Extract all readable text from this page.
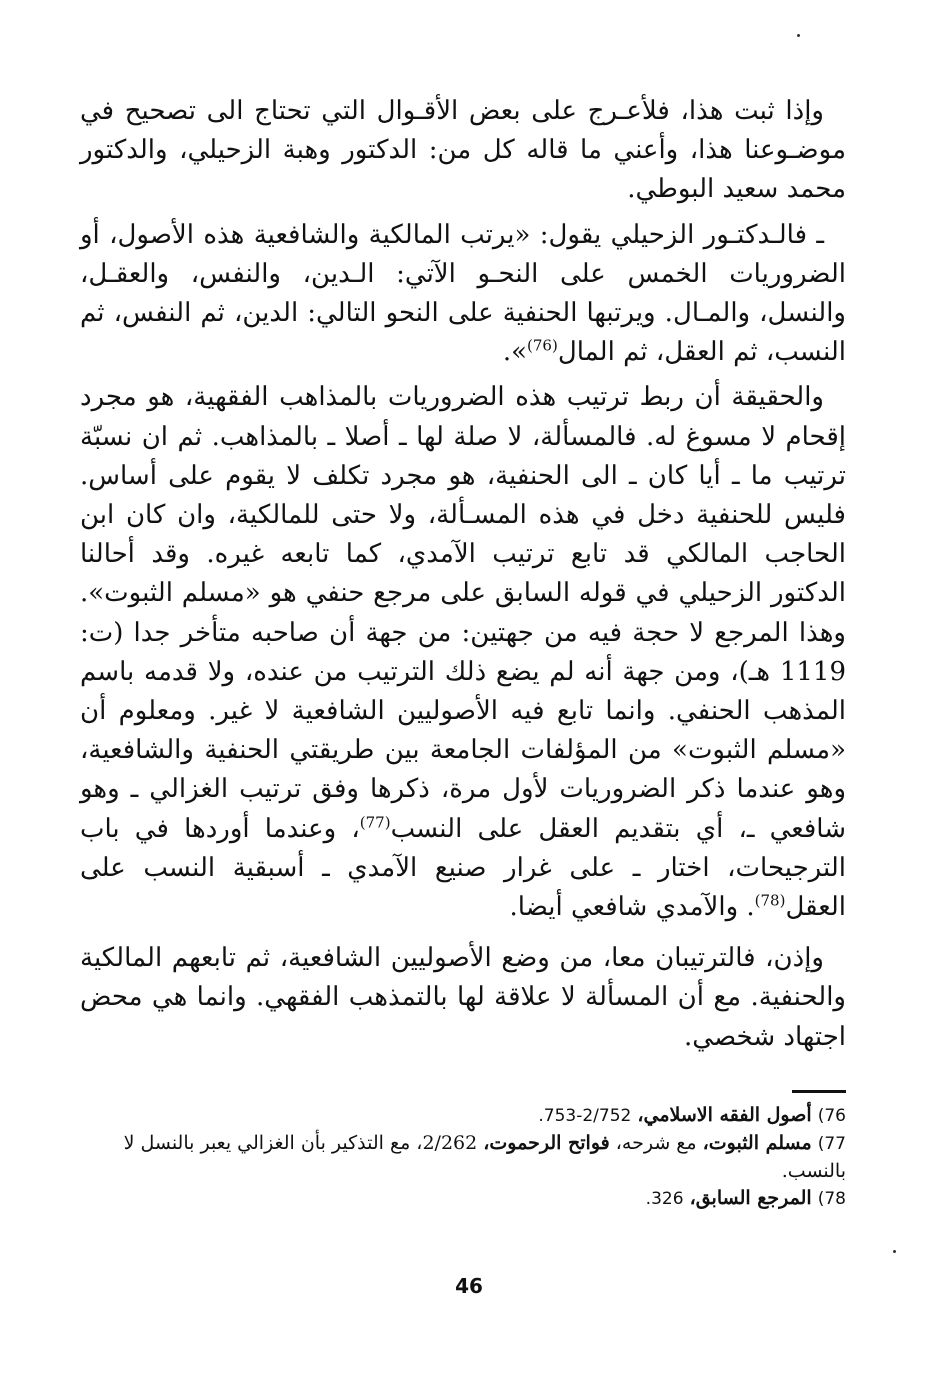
وإذا ثبت هذا، فلأعـرج على بعض الأقـوال التي تحتاج الى تصحيح في موضـوعنا هذا، وأعني ما قاله كل من: الدكتور وهبة الزحيلي، والدكتور محمد سعيد البوطي.

ـ فالـدكتـور الزحيلي يقول: «يرتب المالكية والشافعية هذه الأصول، أو الضروريات الخمس على النحـو الآتي: الـدين، والنفس، والعقـل، والنسل، والمـال. ويرتبها الحنفية على النحو التالي: الدين، ثم النفس، ثم النسب، ثم العقل، ثم المال$^{(76)}$».

والحقيقة أن ربط ترتيب هذه الضروريات بالمذاهب الفقهية، هو مجرد إقحام لا مسوغ له. فالمسألة، لا صلة لها ـ أصلا ـ بالمذاهب. ثم ان نسبّة ترتيب ما ـ أيا كان ـ الى الحنفية، هو مجرد تكلف لا يقوم على أساس. فليس للحنفية دخل في هذه المسـألة، ولا حتى للمالكية، وان كان ابن الحاجب المالكي قد تابع ترتيب الآمدي، كما تابعه غيره. وقد أحالنا الدكتور الزحيلي في قوله السابق على مرجع حنفي هو «مسلم الثبوت». وهذا المرجع لا حجة فيه من جهتين: من جهة أن صاحبه متأخر جدا (ت: 1119 هـ)، ومن جهة أنه لم يضع ذلك الترتيب من عنده، ولا قدمه باسم المذهب الحنفي. وانما تابع فيه الأصوليين الشافعية لا غير. ومعلوم أن «مسلم الثبوت» من المؤلفات الجامعة بين طريقتي الحنفية والشافعية، وهو عندما ذكر الضروريات لأول مرة، ذكرها وفق ترتيب الغزالي ـ وهو شافعي ـ، أي بتقديم العقل على النسب$^{(77)}$، وعندما أوردها في باب الترجيحات، اختار ـ على غرار صنيع الآمدي ـ أسبقية النسب على العقل$^{(78)}$. والآمدي شافعي أيضا.

وإذن، فالترتيبان معا، من وضع الأصوليين الشافعية، ثم تابعهم المالكية والحنفية. مع أن المسألة لا علاقة لها بالتمذهب الفقهي. وانما هي محض اجتهاد شخصي.

76) أصول الفقه الاسلامي، 2/752-753.

77) مسلم الثبوت، مع شرحه، فواتح الرحموت، 2/262، مع التذكير بأن الغزالي يعبر بالنسل لا بالنسب.

78) المرجع السابق، 326.

46
